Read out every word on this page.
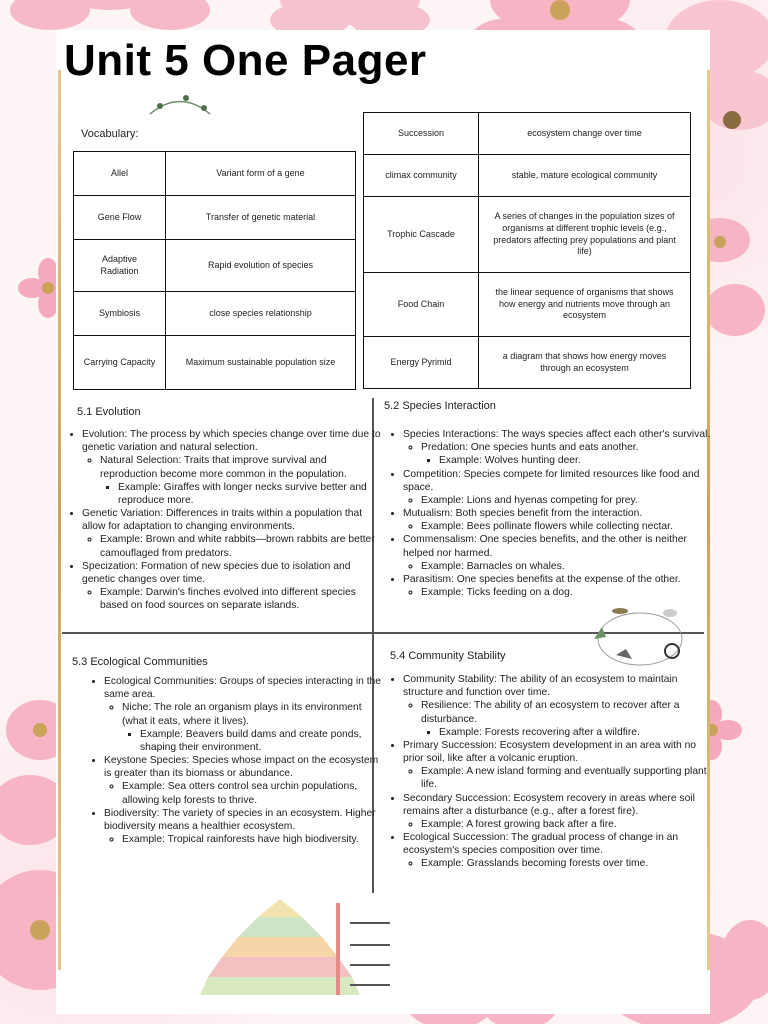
Unit 5 One Pager
Vocabulary:
Allel	Variant form of a gene
Gene Flow	Transfer of genetic material
Adaptive Radiation	Rapid evolution of species
Symbiosis	close species relationship
Carrying Capacity	Maximum sustainable population size
Succession	ecosystem change over time
climax community	stable, mature ecological community
Trophic Cascade	A series of changes in the population sizes of organisms at different trophic levels (e.g., predators affecting prey populations and plant life)
Food Chain	the linear sequence of organisms that shows how energy and nutrients move through an ecosystem
Energy Pyrimid	a diagram that shows how energy moves through an ecosystem
5.1 Evolution	5.2 Species Interaction
5.3 Ecological Communities	5.4 Community Stability
• Evolution: The process by which species change over time due to genetic variation and natural selection.
◦ Natural Selection: Traits that improve survival and reproduction become more common in the population.
▪ Example: Giraffes with longer necks survive better and reproduce more.
• Genetic Variation: Differences in traits within a population that allow for adaptation to changing environments.
◦ Example: Brown and white rabbits—brown rabbits are better camouflaged from predators.
• Specization: Formation of new species due to isolation and genetic changes over time.
◦ Example: Darwin's finches evolved into different species based on food sources on separate islands.
• Species Interactions: The ways species affect each other's survival.
◦ Predation: One species hunts and eats another.
▪ Example: Wolves hunting deer.
• Competition: Species compete for limited resources like food and space.
◦ Example: Lions and hyenas competing for prey.
• Mutualism: Both species benefit from the interaction.
◦ Example: Bees pollinate flowers while collecting nectar.
• Commensalism: One species benefits, and the other is neither helped nor harmed.
◦ Example: Barnacles on whales.
• Parasitism: One species benefits at the expense of the other.
◦ Example: Ticks feeding on a dog.
• Ecological Communities: Groups of species interacting in the same area.
◦ Niche: The role an organism plays in its environment (what it eats, where it lives).
▪ Example: Beavers build dams and create ponds, shaping their environment.
• Keystone Species: Species whose impact on the ecosystem is greater than its biomass or abundance.
◦ Example: Sea otters control sea urchin populations, allowing kelp forests to thrive.
• Biodiversity: The variety of species in an ecosystem. Higher biodiversity means a healthier ecosystem.
◦ Example: Tropical rainforests have high biodiversity.
• Community Stability: The ability of an ecosystem to maintain structure and function over time.
◦ Resilience: The ability of an ecosystem to recover after a disturbance.
▪ Example: Forests recovering after a wildfire.
• Primary Succession: Ecosystem development in an area with no prior soil, like after a volcanic eruption.
◦ Example: A new island forming and eventually supporting plant life.
• Secondary Succession: Ecosystem recovery in areas where soil remains after a disturbance (e.g., after a forest fire).
◦ Example: A forest growing back after a fire.
• Ecological Succession: The gradual process of change in an ecosystem's species composition over time.
◦ Example: Grasslands becoming forests over time.
